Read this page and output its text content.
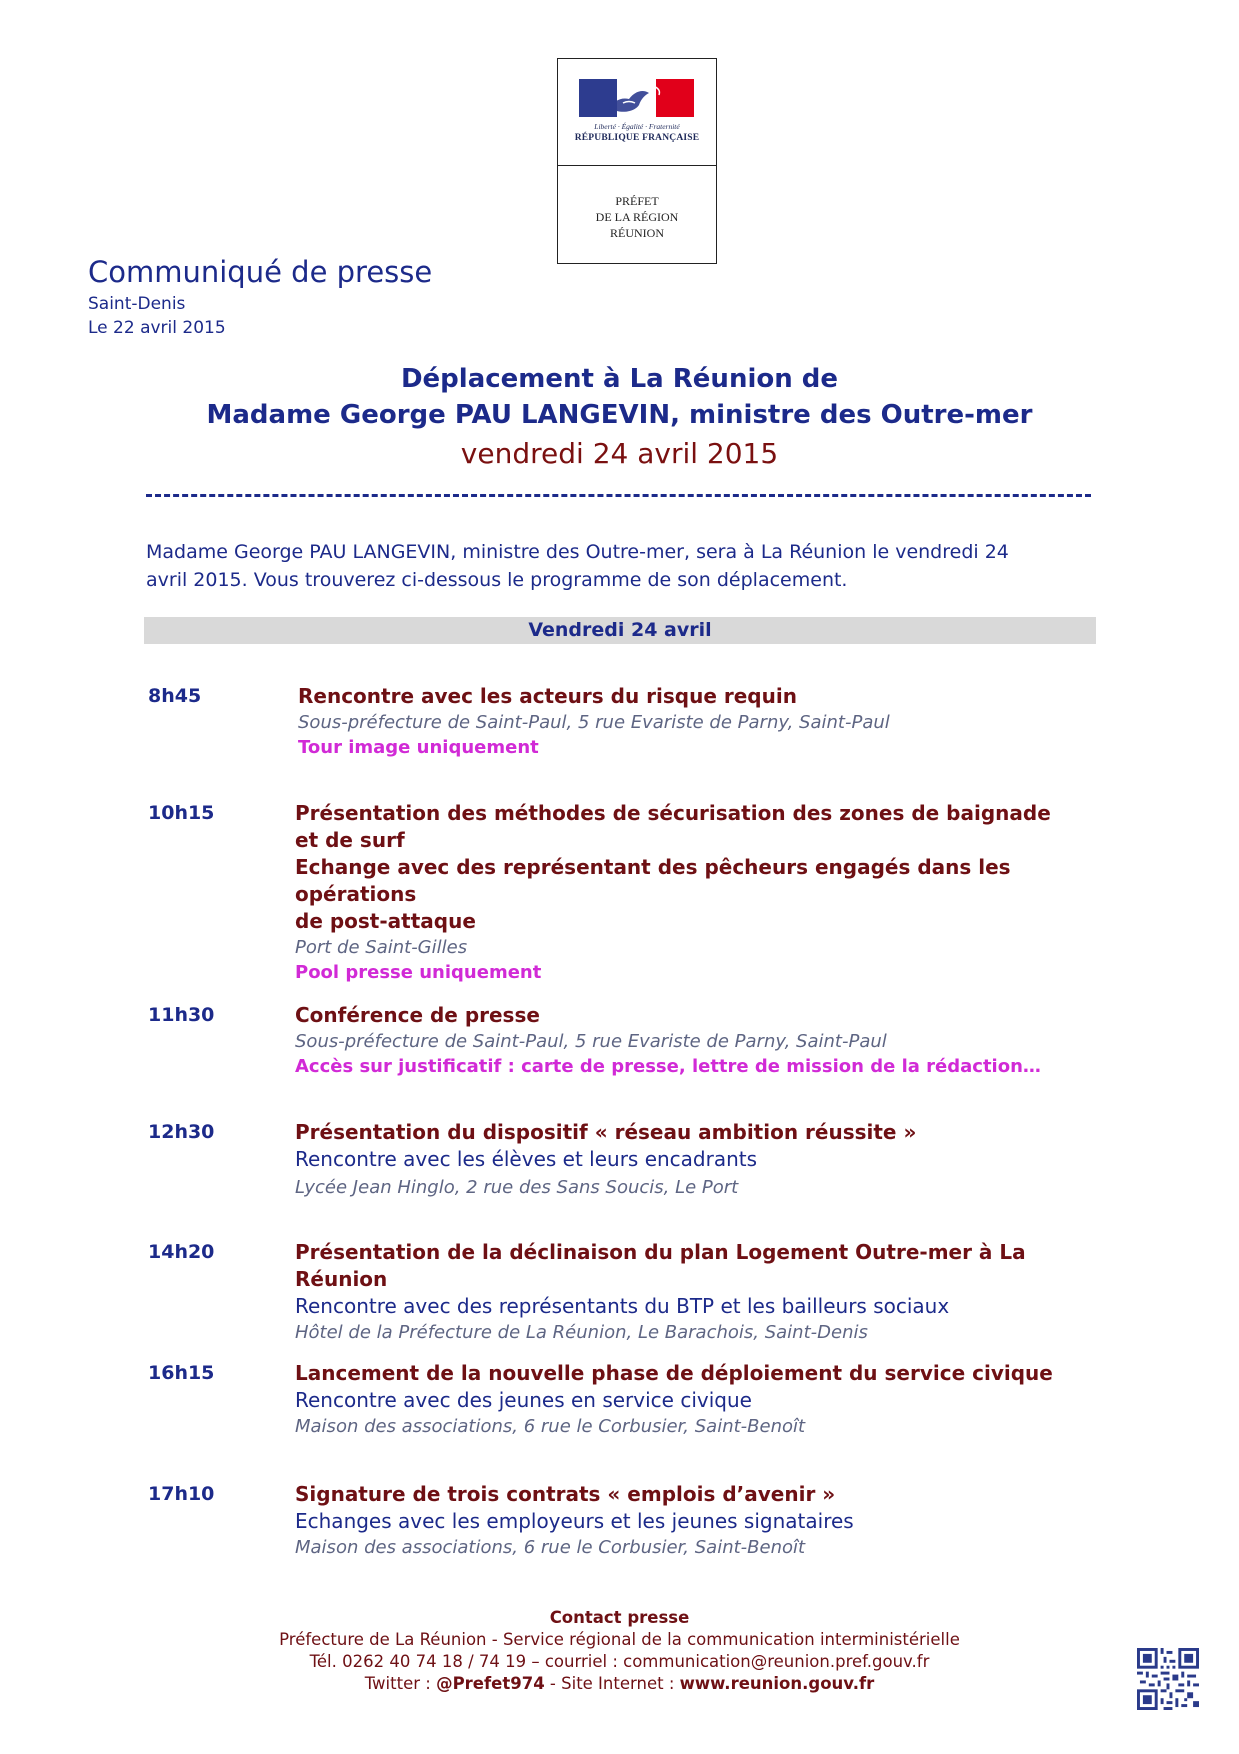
Liberté · Égalité · Fraternité
RÉPUBLIQUE FRANÇAISE
PRÉFET
DE LA RÉGION
RÉUNION
Communiqué de presse
Saint-Denis
Le 22 avril 2015
Déplacement à La Réunion de
Madame George PAU LANGEVIN, ministre des Outre-mer
vendredi 24 avril 2015
Madame George PAU LANGEVIN, ministre des Outre-mer, sera à La Réunion le vendredi 24
avril 2015. Vous trouverez ci-dessous le programme de son déplacement.
Vendredi 24 avril
8h45	Rencontre avec les acteurs du risque requin
Sous-préfecture de Saint-Paul, 5 rue Evariste de Parny, Saint-Paul
Tour image uniquement
10h15	Présentation des méthodes de sécurisation des zones de baignade
et de surf
Echange avec des représentant des pêcheurs engagés dans les opérations
de post-attaque
Port de Saint-Gilles
Pool presse uniquement
11h30	Conférence de presse
Sous-préfecture de Saint-Paul, 5 rue Evariste de Parny, Saint-Paul
Accès sur justificatif : carte de presse, lettre de mission de la rédaction…
12h30	Présentation du dispositif « réseau ambition réussite »
Rencontre avec les élèves et leurs encadrants
Lycée Jean Hinglo, 2 rue des Sans Soucis, Le Port
14h20	Présentation de la déclinaison du plan Logement Outre-mer à La Réunion
Rencontre avec des représentants du BTP et les bailleurs sociaux
Hôtel de la Préfecture de La Réunion, Le Barachois, Saint-Denis
16h15	Lancement de la nouvelle phase de déploiement du service civique
Rencontre avec des jeunes en service civique
Maison des associations, 6 rue le Corbusier, Saint-Benoît
17h10	Signature de trois contrats « emplois d’avenir »
Echanges avec les employeurs et les jeunes signataires
Maison des associations, 6 rue le Corbusier, Saint-Benoît
Contact presse
Préfecture de La Réunion - Service régional de la communication interministérielle
Tél. 0262 40 74 18 / 74 19 – courriel : communication@reunion.pref.gouv.fr
Twitter : @Prefet974 - Site Internet : www.reunion.gouv.fr
